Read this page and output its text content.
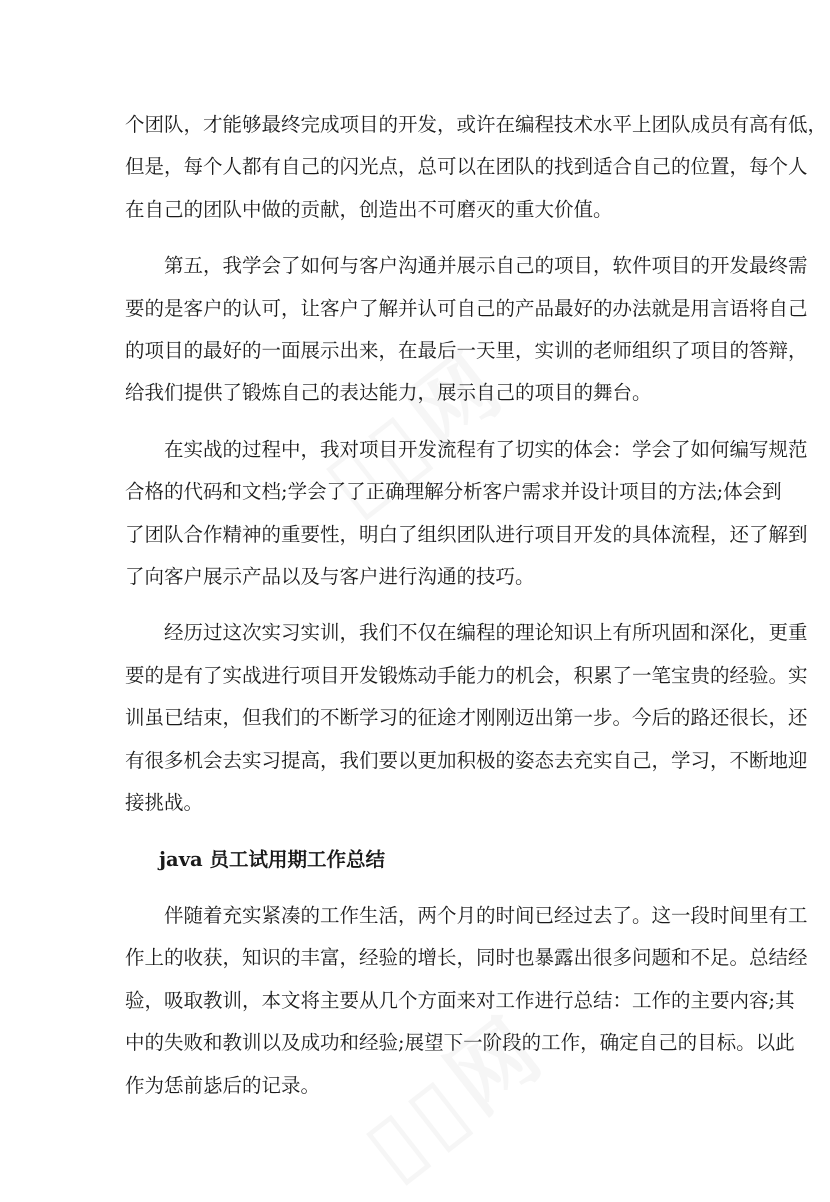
个团队，才能够最终完成项目的开发，或许在编程技术水平上团队成员有高有低，
但是，每个人都有自己的闪光点，总可以在团队的找到适合自己的位置，每个人
在自己的团队中做的贡献，创造出不可磨灭的重大价值。
第五，我学会了如何与客户沟通并展示自己的项目，软件项目的开发最终需
要的是客户的认可，让客户了解并认可自己的产品最好的办法就是用言语将自己
的项目的最好的一面展示出来，在最后一天里，实训的老师组织了项目的答辩，
给我们提供了锻炼自己的表达能力，展示自己的项目的舞台。
在实战的过程中，我对项目开发流程有了切实的体会：学会了如何编写规范
合格的代码和文档;学会了了正确理解分析客户需求并设计项目的方法;体会到
了团队合作精神的重要性，明白了组织团队进行项目开发的具体流程，还了解到
了向客户展示产品以及与客户进行沟通的技巧。
经历过这次实习实训，我们不仅在编程的理论知识上有所巩固和深化，更重
要的是有了实战进行项目开发锻炼动手能力的机会，积累了一笔宝贵的经验。实
训虽已结束，但我们的不断学习的征途才刚刚迈出第一步。今后的路还很长，还
有很多机会去实习提高，我们要以更加积极的姿态去充实自己，学习，不断地迎
接挑战。
java 员工试用期工作总结
伴随着充实紧凑的工作生活，两个月的时间已经过去了。这一段时间里有工
作上的收获，知识的丰富，经验的增长，同时也暴露出很多问题和不足。总结经
验，吸取教训，本文将主要从几个方面来对工作进行总结：工作的主要内容;其
中的失败和教训以及成功和经验;展望下一阶段的工作，确定自己的目标。以此
作为恁前毖后的记录。
